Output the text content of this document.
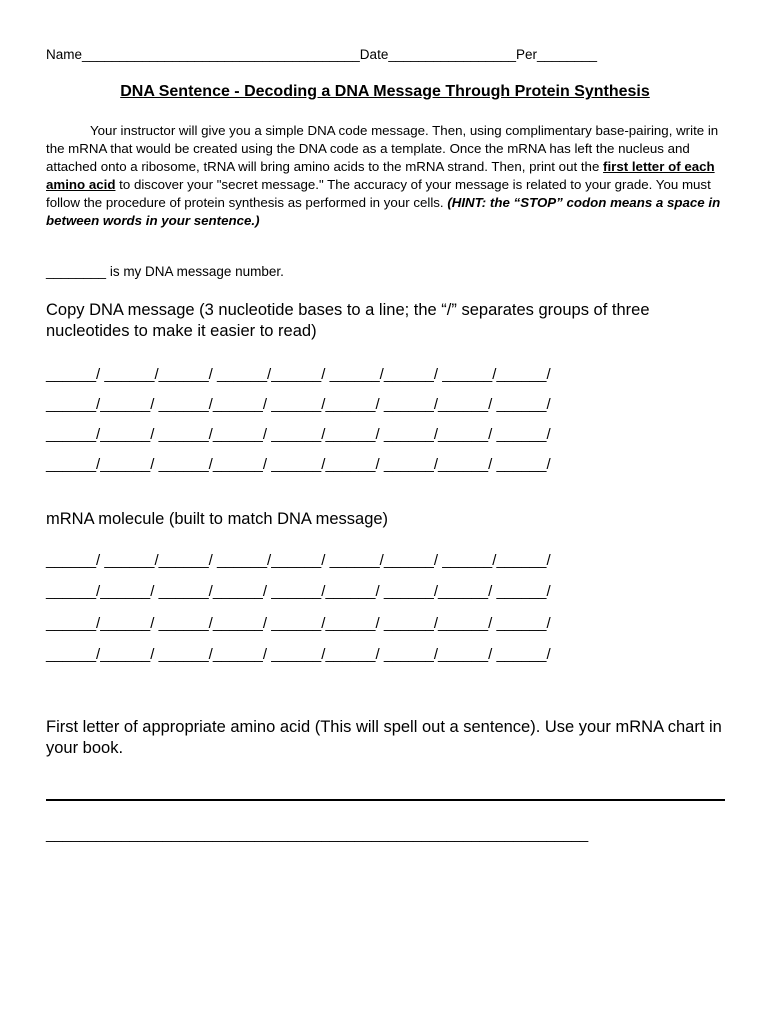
Name_____________________________________Date_________________Per________
DNA Sentence - Decoding a DNA Message Through Protein Synthesis
Your instructor will give you a simple DNA code message. Then, using complimentary base-pairing, write in the mRNA that would be created using the DNA code as a template. Once the mRNA has left the nucleus and attached onto a ribosome, tRNA will bring amino acids to the mRNA strand. Then, print out the first letter of each amino acid to discover your "secret message." The accuracy of your message is related to your grade. You must follow the procedure of protein synthesis as performed in your cells. (HINT: the “STOP” codon means a space in between words in your sentence.)
________ is my DNA message number.
Copy DNA message (3 nucleotide bases to a line; the “/” separates groups of three nucleotides to make it easier to read)
______/ ______/______/ ______/______/ ______/______/ ______/______/
______/______/ ______/______/ ______/______/ ______/______/ ______/
______/______/ ______/______/ ______/______/ ______/______/ ______/
______/______/ ______/______/ ______/______/ ______/______/ ______/
mRNA molecule (built to match DNA message)
______/ ______/______/ ______/______/ ______/______/ ______/______/
______/______/ ______/______/ ______/______/ ______/______/ ______/
______/______/ ______/______/ ______/______/ ______/______/ ______/
______/______/ ______/______/ ______/______/ ______/______/ ______/
First letter of appropriate amino acid (This will spell out a sentence). Use your mRNA chart in your book.
_________________________________________________________________
